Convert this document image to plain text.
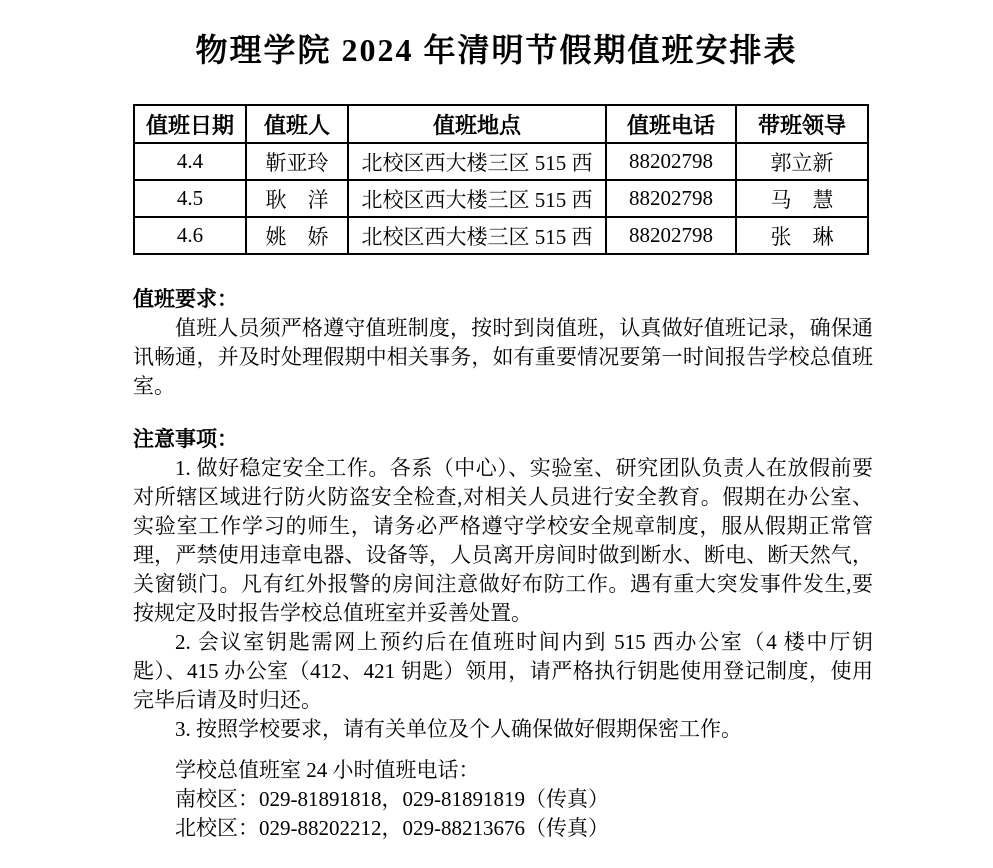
物理学院 2024 年清明节假期值班安排表
值班日期	值班人	值班地点	值班电话	带班领导
4.4	靳亚玲	北校区西大楼三区 515 西	88202798	郭立新
4.5	耿　洋	北校区西大楼三区 515 西	88202798	马　慧
4.6	姚　娇	北校区西大楼三区 515 西	88202798	张　琳

值班要求：

值班人员须严格遵守值班制度，按时到岗值班，认真做好值班记录，确保通讯畅通，并及时处理假期中相关事务，如有重要情况要第一时间报告学校总值班室。

注意事项：

1. 做好稳定安全工作。各系（中心）、实验室、研究团队负责人在放假前要对所辖区域进行防火防盗安全检查,对相关人员进行安全教育。假期在办公室、实验室工作学习的师生，请务必严格遵守学校安全规章制度，服从假期正常管理，严禁使用违章电器、设备等，人员离开房间时做到断水、断电、断天然气，关窗锁门。凡有红外报警的房间注意做好布防工作。遇有重大突发事件发生,要按规定及时报告学校总值班室并妥善处置。

2. 会议室钥匙需网上预约后在值班时间内到 515 西办公室（4 楼中厅钥匙）、415 办公室（412、421 钥匙）领用，请严格执行钥匙使用登记制度，使用完毕后请及时归还。

3. 按照学校要求，请有关单位及个人确保做好假期保密工作。

学校总值班室 24 小时值班电话：

南校区：029-81891818，029-81891819（传真）

北校区：029-88202212，029-88213676（传真）
